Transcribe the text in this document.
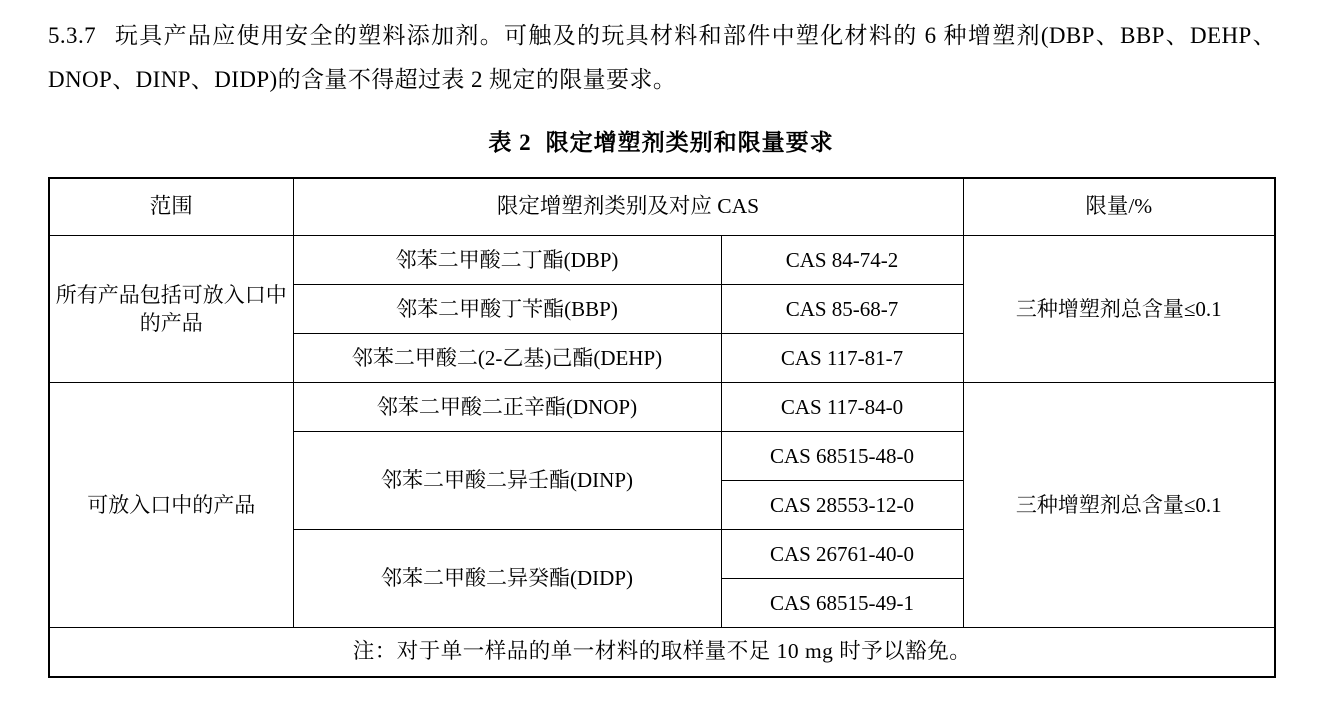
5.3.7 玩具产品应使用安全的塑料添加剂。可触及的玩具材料和部件中塑化材料的 6 种增塑剂(DBP、BBP、DEHP、DNOP、DINP、DIDP)的含量不得超过表 2 规定的限量要求。

表 2 限定增塑剂类别和限量要求
范围	限定增塑剂类别及对应 CAS		限量/%
所有产品包括可放入口中的产品	邻苯二甲酸二丁酯(DBP)	CAS 84-74-2	三种增塑剂总含量≤0.1
	邻苯二甲酸丁苄酯(BBP)	CAS 85-68-7	
	邻苯二甲酸二(2-乙基)己酯(DEHP)	CAS 117-81-7	
可放入口中的产品	邻苯二甲酸二正辛酯(DNOP)	CAS 117-84-0	三种增塑剂总含量≤0.1
	邻苯二甲酸二异壬酯(DINP)	CAS 68515-48-0	
		CAS 28553-12-0	
	邻苯二甲酸二异癸酯(DIDP)	CAS 26761-40-0	
		CAS 68515-49-1	
注：对于单一样品的单一材料的取样量不足 10 mg 时予以豁免。			
